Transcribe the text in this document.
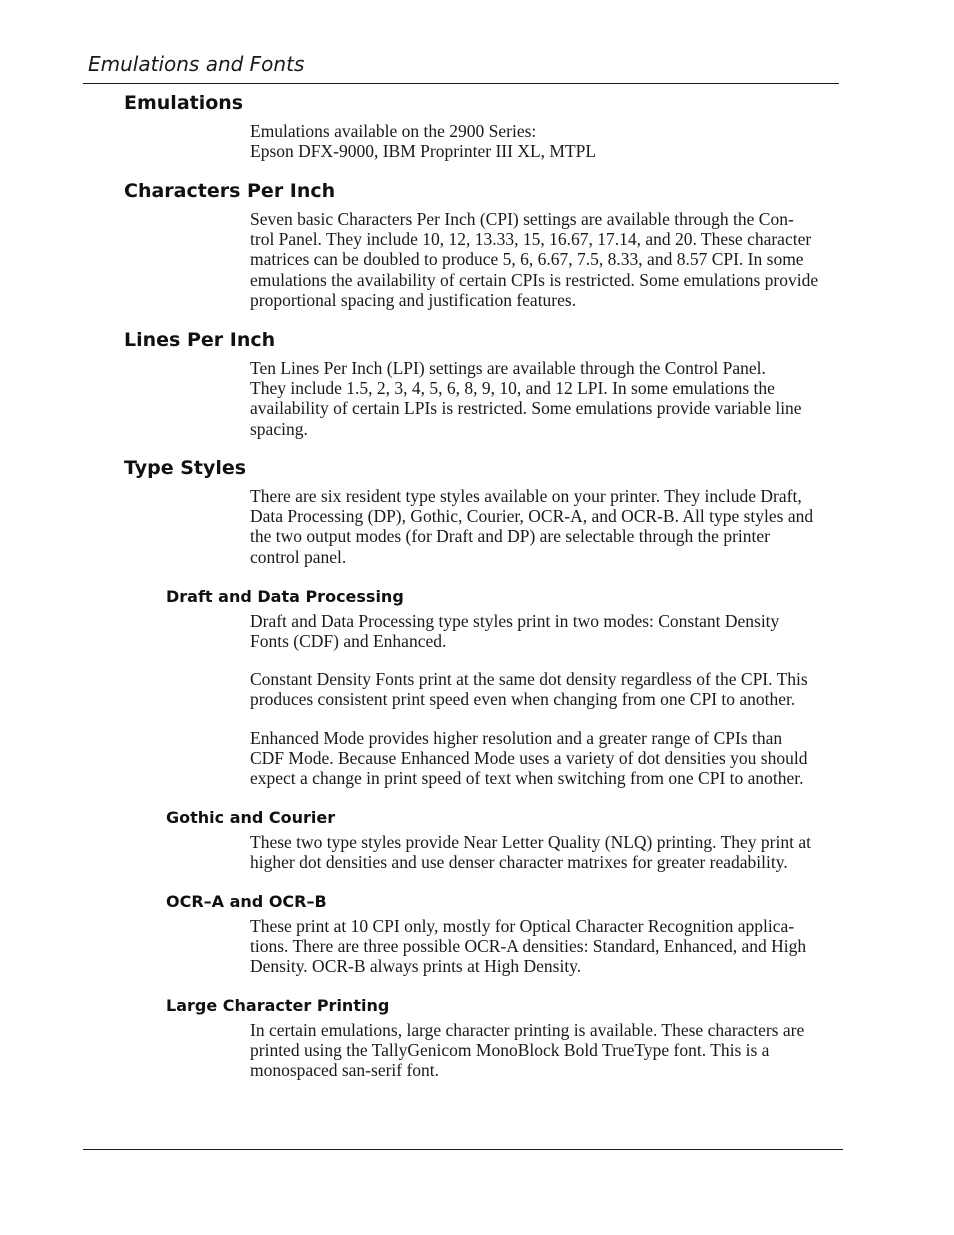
Emulations and Fonts
Emulations
Emulations available on the 2900 Series:
Epson DFX-9000, IBM Proprinter III XL, MTPL
Characters Per Inch
Seven basic Characters Per Inch (CPI) settings are available through the Con-
trol Panel. They include 10, 12, 13.33, 15, 16.67, 17.14, and 20. These character
matrices can be doubled to produce 5, 6, 6.67, 7.5, 8.33, and 8.57 CPI. In some
emulations the availability of certain CPIs is restricted. Some emulations provide
proportional spacing and justification features.
Lines Per Inch
Ten Lines Per Inch (LPI) settings are available through the Control Panel.
They include 1.5, 2, 3, 4, 5, 6, 8, 9, 10, and 12 LPI. In some emulations the
availability of certain LPIs is restricted. Some emulations provide variable line
spacing.
Type Styles
There are six resident type styles available on your printer. They include Draft,
Data Processing (DP), Gothic, Courier, OCR-A, and OCR-B. All type styles and
the two output modes (for Draft and DP) are selectable through the printer
control panel.
Draft and Data Processing
Draft and Data Processing type styles print in two modes: Constant Density
Fonts (CDF) and Enhanced.
Constant Density Fonts print at the same dot density regardless of the CPI. This
produces consistent print speed even when changing from one CPI to another.
Enhanced Mode provides higher resolution and a greater range of CPIs than
CDF Mode. Because Enhanced Mode uses a variety of dot densities you should
expect a change in print speed of text when switching from one CPI to another.
Gothic and Courier
These two type styles provide Near Letter Quality (NLQ) printing. They print at
higher dot densities and use denser character matrixes for greater readability.
OCR–A and OCR–B
These print at 10 CPI only, mostly for Optical Character Recognition applica-
tions. There are three possible OCR-A densities: Standard, Enhanced, and High
Density. OCR-B always prints at High Density.
Large Character Printing
In certain emulations, large character printing is available. These characters are
printed using the TallyGenicom MonoBlock Bold TrueType font. This is a
monospaced san-serif font.
